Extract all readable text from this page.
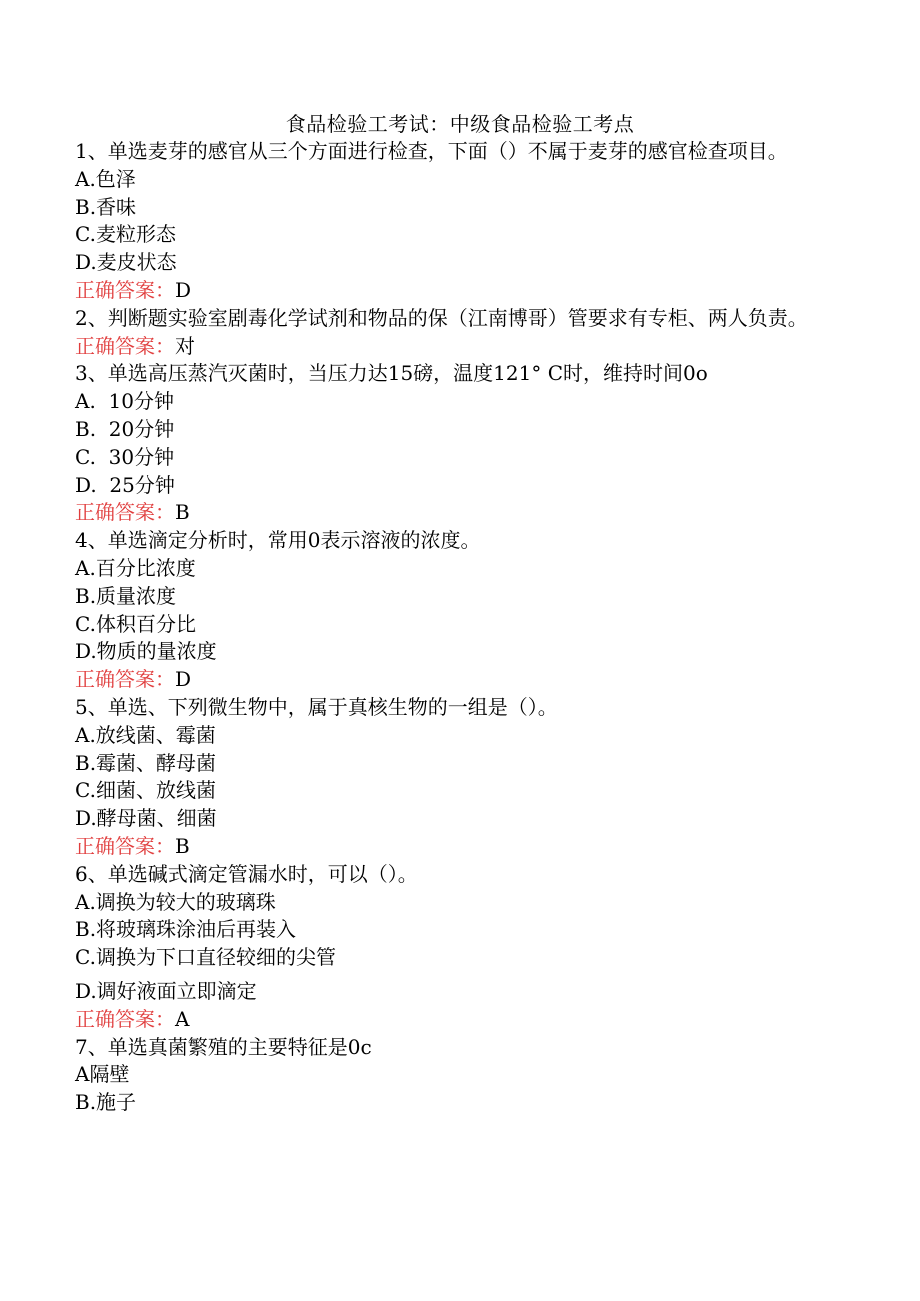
食品检验工考试：中级食品检验工考点
1、单选麦芽的感官从三个方面进行检查，下面（）不属于麦芽的感官检查项目。
A.色泽
B.香味
C.麦粒形态
D.麦皮状态
正确答案：D
2、判断题实验室剧毒化学试剂和物品的保（江南博哥）管要求有专柜、两人负责。
正确答案：对
3、单选高压蒸汽灭菌时，当压力达15磅，温度121° C时，维持时间0o
A.  10分钟
B.  20分钟
C.  30分钟
D.  25分钟
正确答案：B
4、单选滴定分析时，常用0表示溶液的浓度。
A.百分比浓度
B.质量浓度
C.体积百分比
D.物质的量浓度
正确答案：D
5、单选、下列微生物中，属于真核生物的一组是（）。
A.放线菌、霉菌
B.霉菌、酵母菌
C.细菌、放线菌
D.酵母菌、细菌
正确答案：B
6、单选碱式滴定管漏水时，可以（）。
A.调换为较大的玻璃珠
B.将玻璃珠涂油后再装入
C.调换为下口直径较细的尖管
D.调好液面立即滴定
正确答案：A
7、单选真菌繁殖的主要特征是0c
A隔壁
B.施子
